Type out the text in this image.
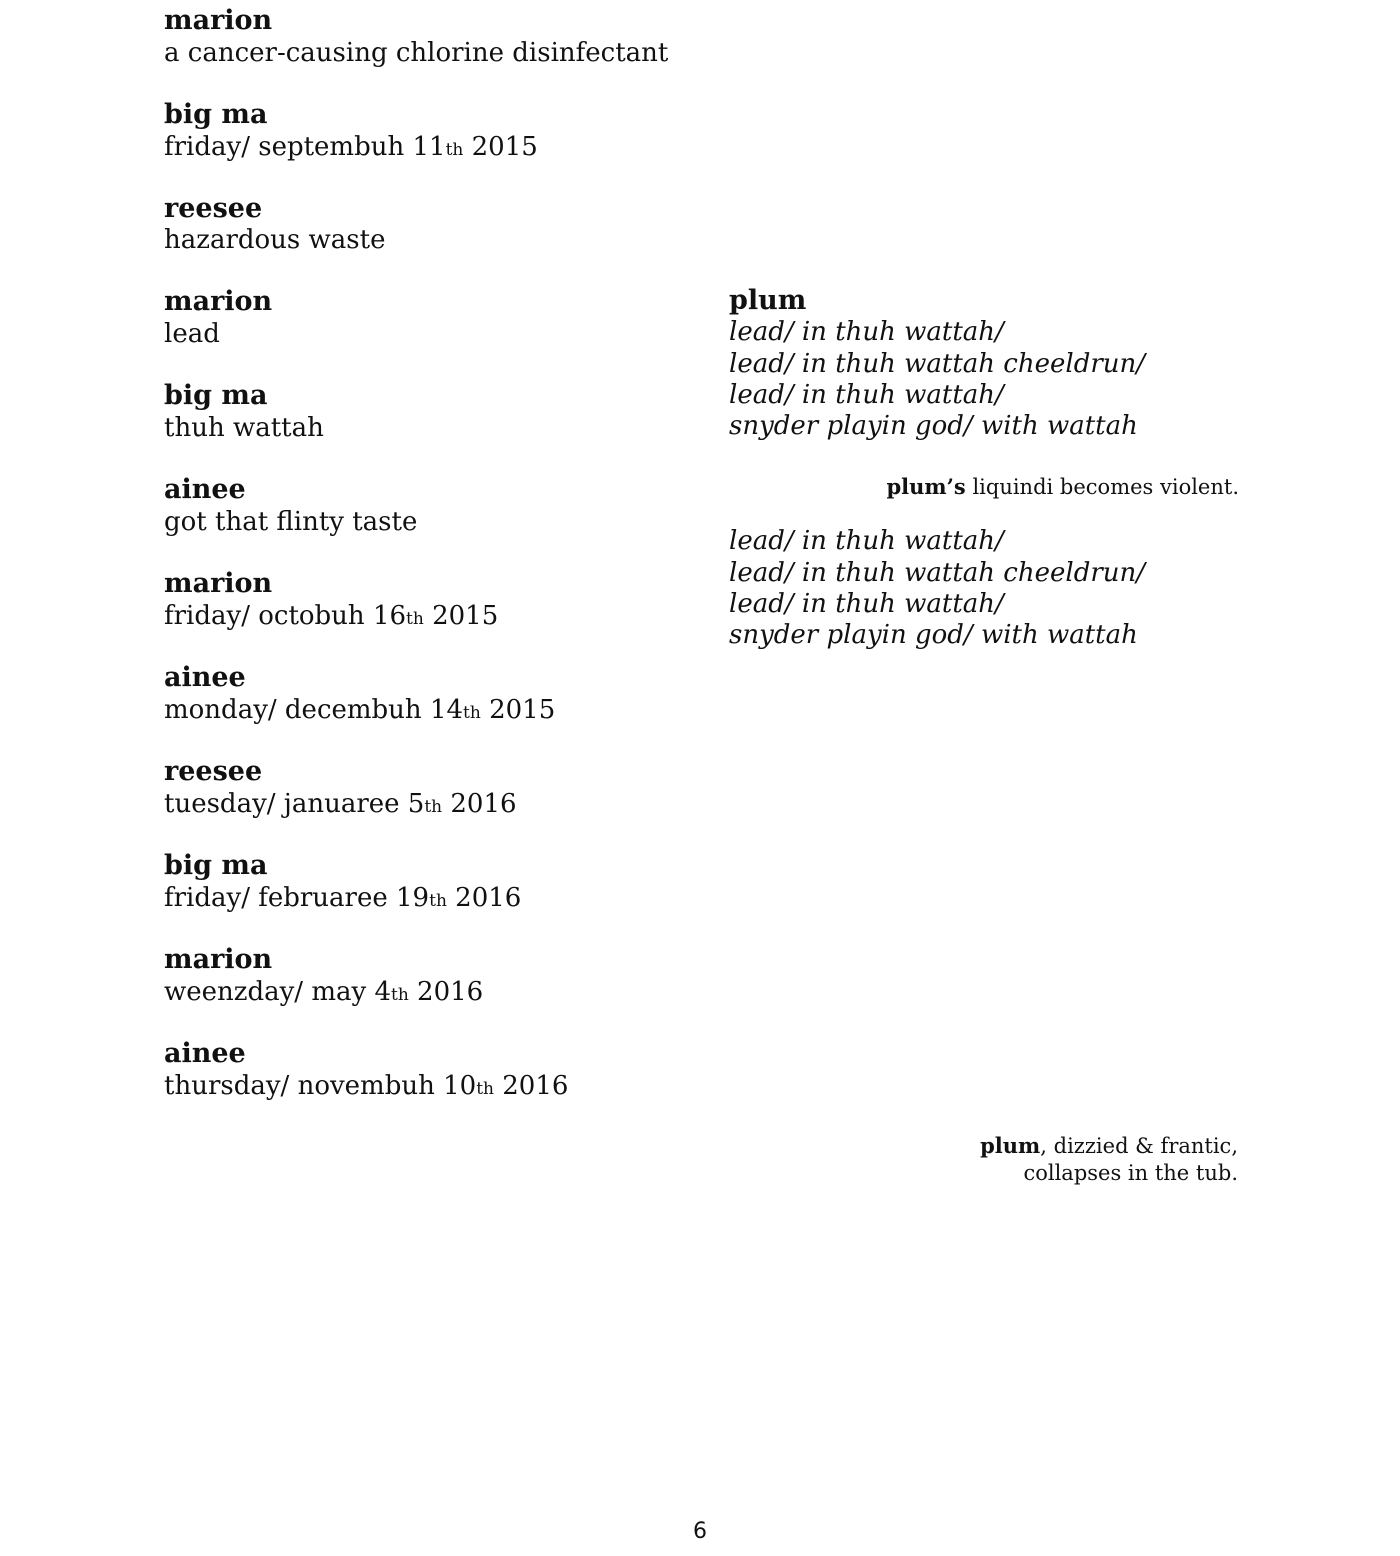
marion
a cancer-causing chlorine disinfectant
big ma
friday/ septembuh 11th 2015
reesee
hazardous waste
marion
lead
big ma
thuh wattah
ainee
got that flinty taste
marion
friday/ octobuh 16th 2015
ainee
monday/ decembuh 14th 2015
reesee
tuesday/ januaree 5th 2016
big ma
friday/ februaree 19th 2016
marion
weenzday/ may 4th 2016
ainee
thursday/ novembuh 10th 2016
plum
lead/ in thuh wattah/
lead/ in thuh wattah cheeldrun/
lead/ in thuh wattah/
snyder playin god/ with wattah
plum’s liquindi becomes violent.
lead/ in thuh wattah/
lead/ in thuh wattah cheeldrun/
lead/ in thuh wattah/
snyder playin god/ with wattah
plum, dizzied & frantic,
collapses in the tub.
6
